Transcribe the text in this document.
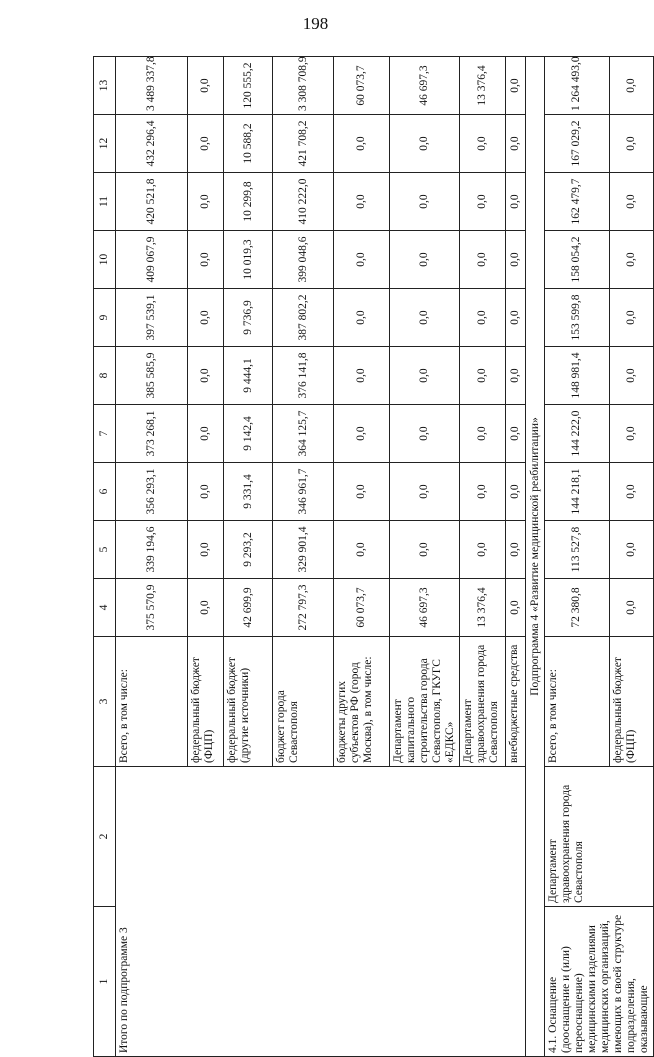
198
1	2	3	4	5	6	7	8	9	10	11	12	13
Итого по подпрограмме 3		Всего, в том числе:	375 570,9	339 194,6	356 293,1	373 268,1	385 585,9	397 539,1	409 067,9	420 521,8	432 296,4	3 489 337,8
		федеральный бюджет (ФЦП)	0,0	0,0	0,0	0,0	0,0	0,0	0,0	0,0	0,0	0,0
		федеральный бюджет (другие источники)	42 699,9	9 293,2	9 331,4	9 142,4	9 444,1	9 736,9	10 019,3	10 299,8	10 588,2	120 555,2
		бюджет города Севастополя	272 797,3	329 901,4	346 961,7	364 125,7	376 141,8	387 802,2	399 048,6	410 222,0	421 708,2	3 308 708,9
		бюджеты других субъектов РФ (город Москва), в том числе:	60 073,7	0,0	0,0	0,0	0,0	0,0	0,0	0,0	0,0	60 073,7
		Департамент капитального строительства города Севастополя, ГКУГС «ЕДКС»	46 697,3	0,0	0,0	0,0	0,0	0,0	0,0	0,0	0,0	46 697,3
		Департамент здравоохранения города Севастополя	13 376,4	0,0	0,0	0,0	0,0	0,0	0,0	0,0	0,0	13 376,4
		внебюджетные средства	0,0	0,0	0,0	0,0	0,0	0,0	0,0	0,0	0,0	0,0
Подпрограмма 4 «Развитие медицинской реабилитации»												
4.1. Оснащение (дооснащение и (или) переоснащение) медицинскими изделиями медицинских организаций, имеющих в своей структуре подразделения, оказывающие	Департамент здравоохранения города Севастополя	Всего, в том числе:	72 380,8	113 527,8	144 218,1	144 222,0	148 981,4	153 599,8	158 054,2	162 479,7	167 029,2	1 264 493,0
		федеральный бюджет (ФЦП)	0,0	0,0	0,0	0,0	0,0	0,0	0,0	0,0	0,0	0,0
